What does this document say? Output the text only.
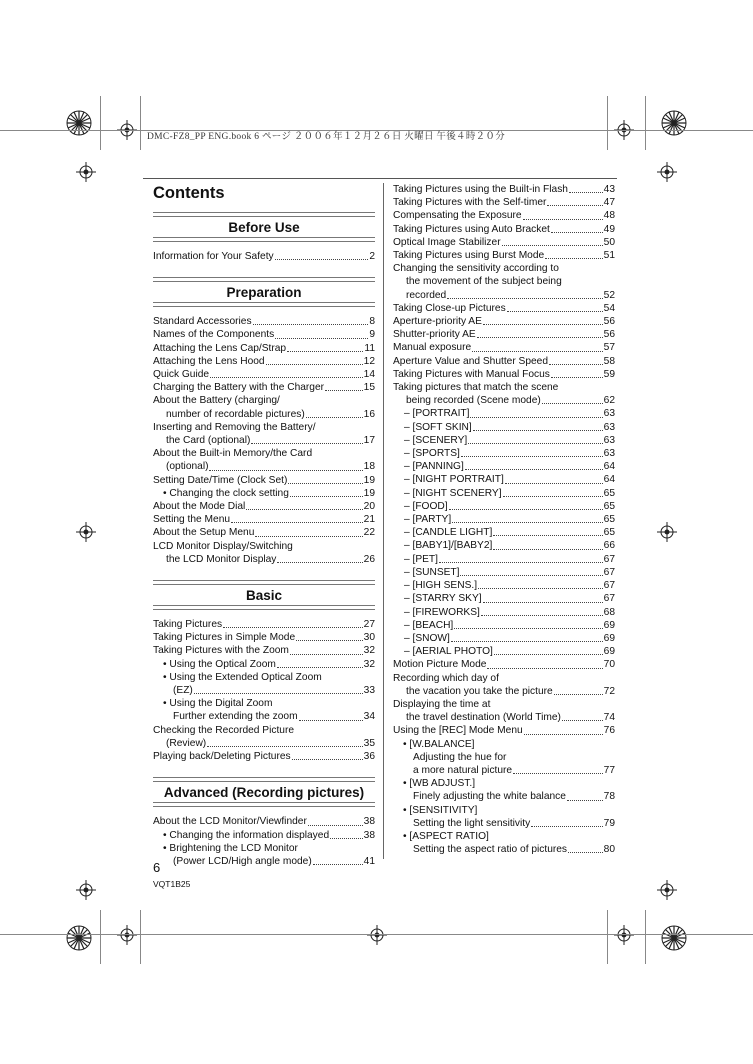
DMC-FZ8_PP ENG.book 6 ページ ２００６年１２月２６日 火曜日 午後４時２０分
Contents
Before Use
Information for Your Safety	2
Preparation
Standard Accessories	8
Names of the Components	9
Attaching the Lens Cap/Strap	11
Attaching the Lens Hood	12
Quick Guide	14
Charging the Battery with the Charger	15
About the Battery (charging/
number of recordable pictures)	16
Inserting and Removing the Battery/
the Card (optional)	17
About the Built-in Memory/the Card
(optional)	18
Setting Date/Time (Clock Set)	19
• Changing the clock setting	19
About the Mode Dial	20
Setting the Menu	21
About the Setup Menu	22
LCD Monitor Display/Switching
the LCD Monitor Display	26
Basic
Taking Pictures	27
Taking Pictures in Simple Mode	30
Taking Pictures with the Zoom	32
• Using the Optical Zoom	32
• Using the Extended Optical Zoom
(EZ)	33
• Using the Digital Zoom
Further extending the zoom	34
Checking the Recorded Picture
(Review)	35
Playing back/Deleting Pictures	36
Advanced (Recording pictures)
About the LCD Monitor/Viewfinder	38
• Changing the information displayed	38
• Brightening the LCD Monitor
(Power LCD/High angle mode)	41
Taking Pictures using the Built-in Flash	43
Taking Pictures with the Self-timer	47
Compensating the Exposure	48
Taking Pictures using Auto Bracket	49
Optical Image Stabilizer	50
Taking Pictures using Burst Mode	51
Changing the sensitivity according to
the movement of the subject being
recorded	52
Taking Close-up Pictures	54
Aperture-priority AE	56
Shutter-priority AE	56
Manual exposure	57
Aperture Value and Shutter Speed	58
Taking Pictures with Manual Focus	59
Taking pictures that match the scene
being recorded (Scene mode)	62
– [PORTRAIT]	63
– [SOFT SKIN]	63
– [SCENERY]	63
– [SPORTS]	63
– [PANNING]	64
– [NIGHT PORTRAIT]	64
– [NIGHT SCENERY]	65
– [FOOD]	65
– [PARTY]	65
– [CANDLE LIGHT]	65
– [BABY1]/[BABY2]	66
– [PET]	67
– [SUNSET]	67
– [HIGH SENS.]	67
– [STARRY SKY]	67
– [FIREWORKS]	68
– [BEACH]	69
– [SNOW]	69
– [AERIAL PHOTO]	69
Motion Picture Mode	70
Recording which day of
the vacation you take the picture	72
Displaying the time at
the travel destination (World Time)	74
Using the [REC] Mode Menu	76
• [W.BALANCE]
Adjusting the hue for
a more natural picture	77
• [WB ADJUST.]
Finely adjusting the white balance	78
• [SENSITIVITY]
Setting the light sensitivity	79
• [ASPECT RATIO]
Setting the aspect ratio of pictures	80
6
VQT1B25
